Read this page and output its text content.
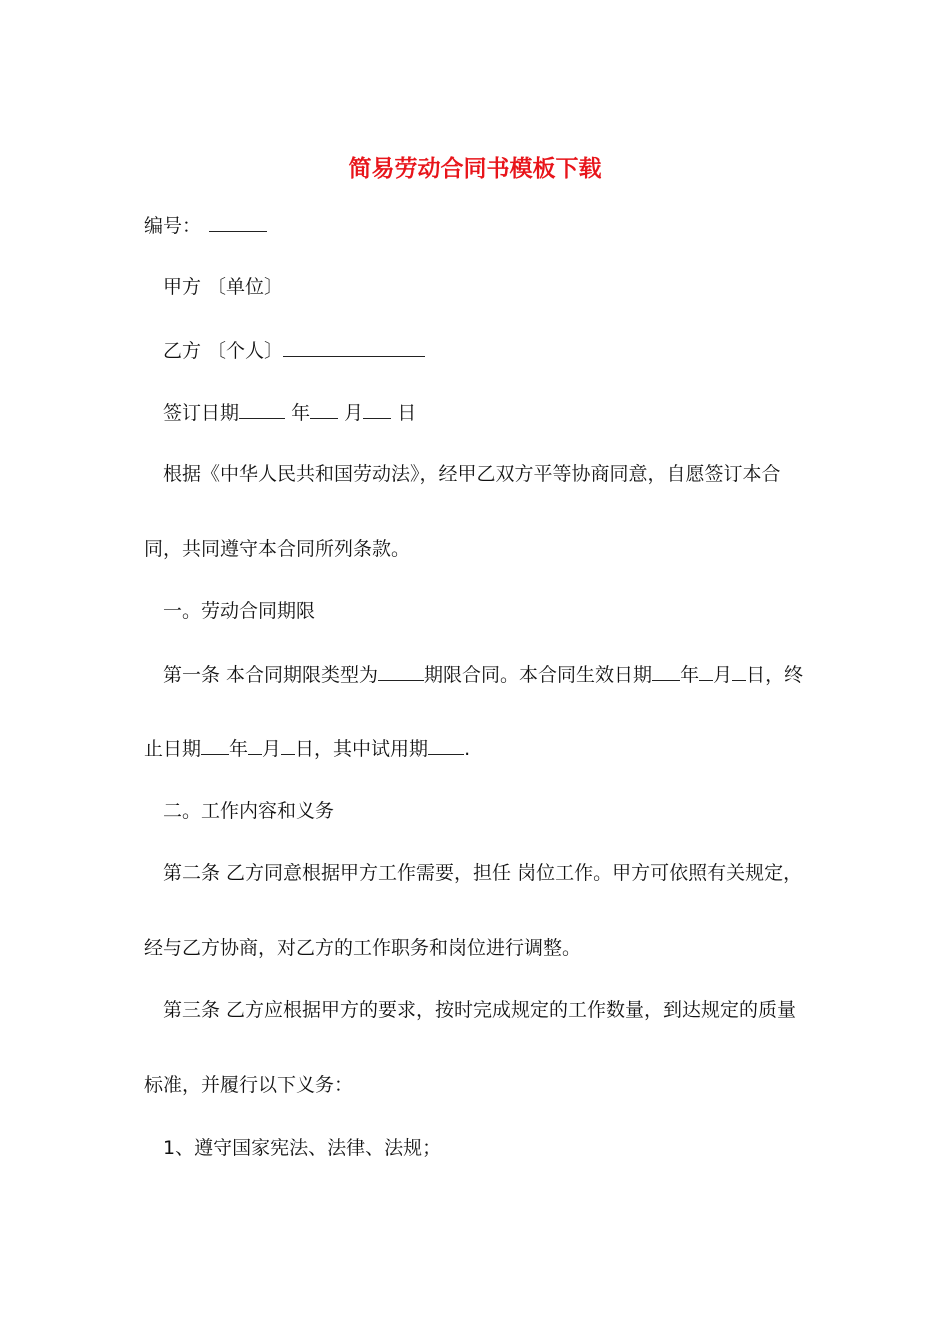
简易劳动合同书模板下载
编号：
甲方 〔单位〕
乙方 〔个人〕
签订日期	年 月 日
根据《中华人民共和国劳动法》，经甲乙双方平等协商同意，自愿签订本合
同，共同遵守本合同所列条款。
一。劳动合同期限
第一条 本合同期限类型为 期限合同。本合同生效日期 年 月 日，终
止日期 年 月 日，其中试用期 .
二。工作内容和义务
第二条 乙方同意根据甲方工作需要，担任 岗位工作。甲方可依照有关规定，
经与乙方协商，对乙方的工作职务和岗位进行调整。
第三条 乙方应根据甲方的要求，按时完成规定的工作数量，到达规定的质量
标准，并履行以下义务：
1、遵守国家宪法、法律、法规；
